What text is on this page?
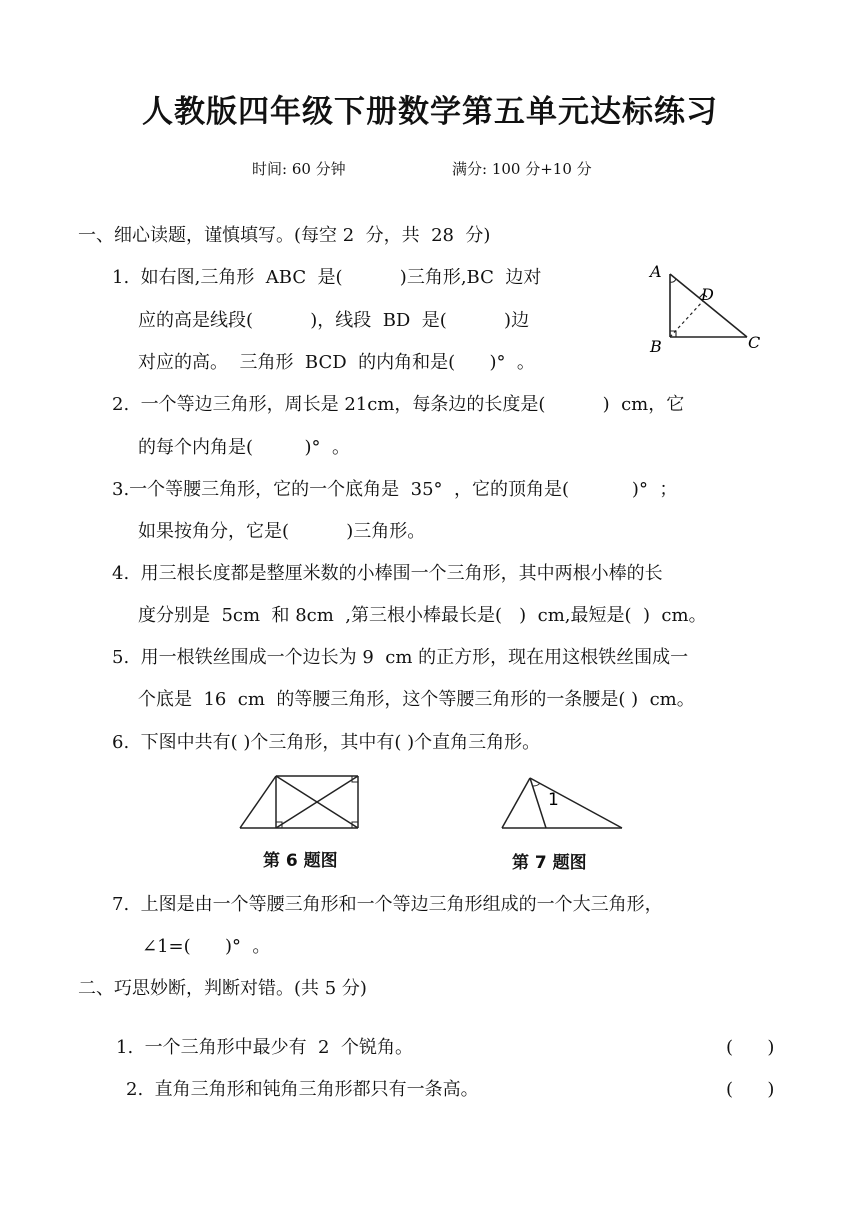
人教版四年级下册数学第五单元达标练习
时间: 60 分钟	满分: 100 分+10 分
一、细心读题，谨慎填写。(每空 2  分，共  28  分)
1.  如右图,三角形  ABC  是(          )三角形,BC  边对
应的高是线段(          )，线段  BD  是(          )边
对应的高。  三角形  BCD  的内角和是(      )°  。
A
B	C
D
2.  一个等边三角形，周长是 21cm，每条边的长度是(          )  cm，它
的每个内角是(         )°  。
3.一个等腰三角形，它的一个底角是  35°  ，它的顶角是(           )°  ；
如果按角分，它是(          )三角形。
4.  用三根长度都是整厘米数的小棒围一个三角形，其中两根小棒的长
度分别是  5cm  和 8cm  ,第三根小棒最长是(   )  cm,最短是(  )  cm。
5.  用一根铁丝围成一个边长为 9  cm 的正方形，现在用这根铁丝围成一
个底是  16  cm  的等腰三角形，这个等腰三角形的一条腰是( )  cm。
6.  下图中共有( )个三角形，其中有( )个直角三角形。
第 6 题图
1
第 7 题图
7.  上图是由一个等腰三角形和一个等边三角形组成的一个大三角形，
∠1=(      )°  。
二、巧思妙断，判断对错。(共 5 分)
1.  一个三角形中最少有  2  个锐角。	(      )
2.  直角三角形和钝角三角形都只有一条高。	(      )
